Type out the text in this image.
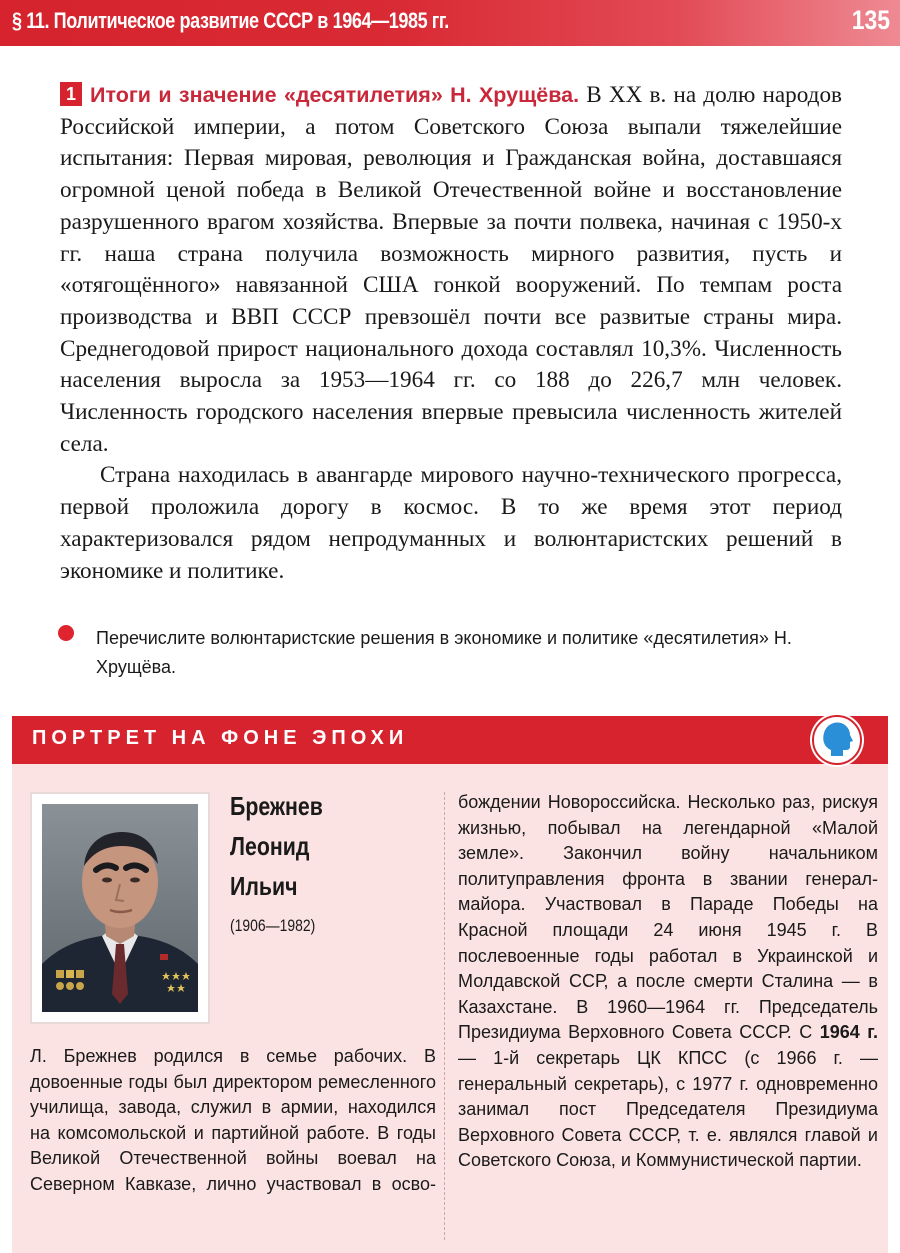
§ 11. Политическое развитие СССР в 1964—1985 гг.	135

1 Итоги и значение «десятилетия» Н. Хрущёва. В XX в. на долю народов Российской империи, а потом Советского Союза выпали тяжелейшие испытания: Первая мировая, революция и Гражданская война, доставшаяся огромной ценой победа в Великой Отечественной войне и восстановление разрушенного врагом хозяйства. Впервые за почти полвека, начиная с 1950-х гг. наша страна получила возможность мирного развития, пусть и «отягощённого» навязанной США гонкой вооружений. По темпам роста производства и ВВП СССР превзошёл почти все развитые страны мира. Среднегодовой прирост национального дохода составлял 10,3%. Численность населения выросла за 1953—1964 гг. со 188 до 226,7 млн человек. Численность городского населения впервые превысила численность жителей села.

Страна находилась в авангарде мирового научно-технического прогресса, первой проложила дорогу в космос. В то же время этот период характеризовался рядом непродуманных и волюнтаристских решений в экономике и политике.

Перечислите волюнтаристские решения в экономике и политике «десятилетия» Н. Хрущёва.
ПОРТРЕТ НА ФОНЕ ЭПОХИ
Брежнев
Леонид
Ильич
(1906—1982)
Л. Брежнев родился в семье рабочих. В довоенные годы был директором ремесленного училища, завода, служил в армии, находился на комсомольской и партийной работе. В годы Великой Отечественной войны воевал на Северном Кавказе, лично участвовал в осво-
бождении Новороссийска. Несколько раз, рискуя жизнью, побывал на легендарной «Малой земле». Закончил войну начальником политуправления фронта в звании генерал-майора. Участвовал в Параде Победы на Красной площади 24 июня 1945 г. В послевоенные годы работал в Украинской и Молдавской ССР, а после смерти Сталина — в Казахстане. В 1960—1964 гг. Председатель Президиума Верховного Совета СССР. С 1964 г. — 1-й секретарь ЦК КПСС (с 1966 г. — генеральный секретарь), с 1977 г. одновременно занимал пост Председателя Президиума Верховного Совета СССР, т. е. являлся главой и Советского Союза, и Коммунистической партии.
